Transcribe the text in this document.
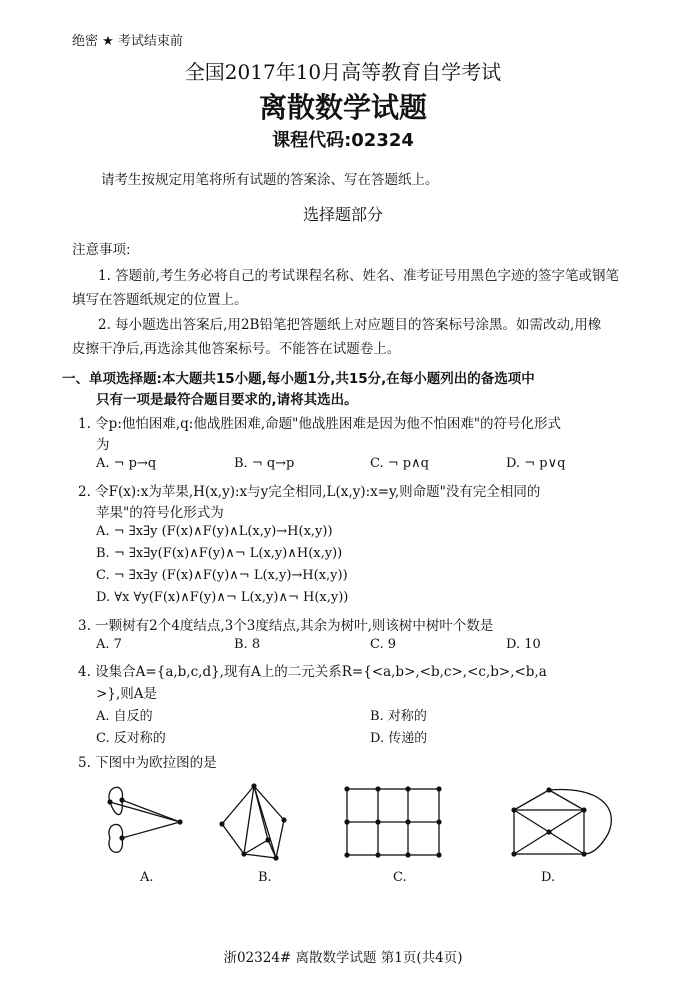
绝密 ★ 考试结束前
全国2017年10月高等教育自学考试
离散数学试题
课程代码:02324
请考生按规定用笔将所有试题的答案涂、写在答题纸上。
选择题部分
注意事项:
1. 答题前,考生务必将自己的考试课程名称、姓名、准考证号用黑色字迹的签字笔或钢笔
填写在答题纸规定的位置上。
2. 每小题选出答案后,用2B铅笔把答题纸上对应题目的答案标号涂黑。如需改动,用橡
皮擦干净后,再选涂其他答案标号。不能答在试题卷上。
一、单项选择题:本大题共15小题,每小题1分,共15分,在每小题列出的备选项中
只有一项是最符合题目要求的,请将其选出。
1. 令p:他怕困难,q:他战胜困难,命题"他战胜困难是因为他不怕困难"的符号化形式
为
A. ¬ p→q	B. ¬ q→p	C. ¬ p∧q	D. ¬ p∨q
2. 令F(x):x为苹果,H(x,y):x与y完全相同,L(x,y):x=y,则命题"没有完全相同的
苹果"的符号化形式为
A. ¬ ∃x∃y (F(x)∧F(y)∧L(x,y)→H(x,y))
B. ¬ ∃x∃y(F(x)∧F(y)∧¬ L(x,y)∧H(x,y))
C. ¬ ∃x∃y (F(x)∧F(y)∧¬ L(x,y)→H(x,y))
D. ∀x ∀y(F(x)∧F(y)∧¬ L(x,y)∧¬ H(x,y))
3. 一颗树有2个4度结点,3个3度结点,其余为树叶,则该树中树叶个数是
A. 7	B. 8	C. 9	D. 10
4. 设集合A={a,b,c,d},现有A上的二元关系R={<a,b>,<b,c>,<c,b>,<b,a
>},则A是
A. 自反的	B. 对称的
C. 反对称的	D. 传递的
5. 下图中为欧拉图的是
A.	B.	C.	D.
浙02324# 离散数学试题 第1页(共4页)
